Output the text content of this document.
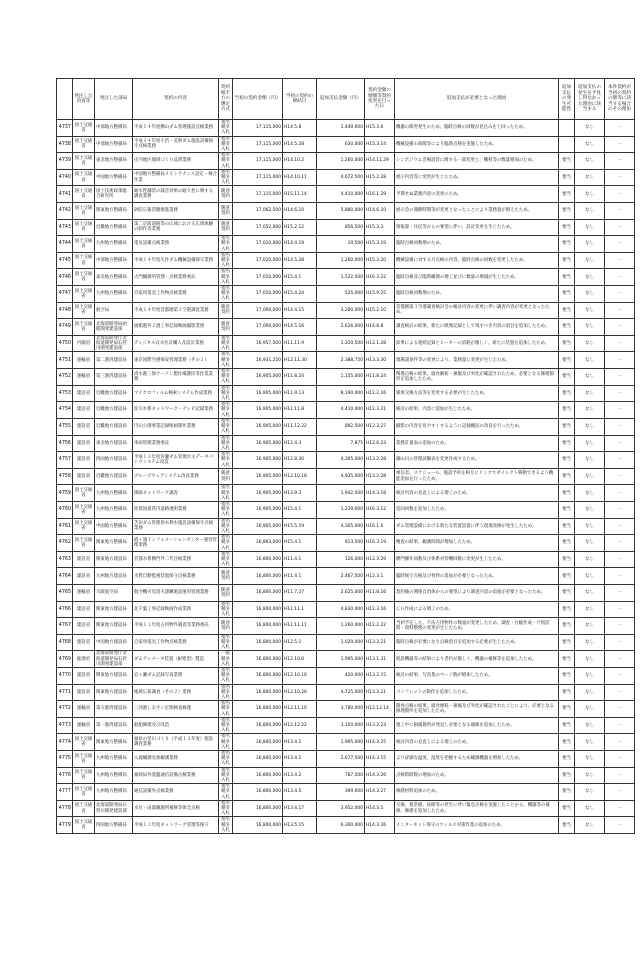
	発注した府省等	発注した部局	契約の内容	契約相手方の選定方式	当初の契約金額（円）	当初の契約の締結日	追加支払金額（円）	契約金額の増額等契約変更を行った日	追加支払が必要となった理由	追加支払の発生可能性	追加支払の発生を予見し得なかった理由に該当する	本件契約が当初の契約の額等に該当する場合のその理由
4737	国土交通省	中部地方整備局	平成１４年度横山ダム管理施設点検業務	指名競争入札	17,115,000	H14.5.8	1,449,000	H15.3.6	機器の障害発生のため、臨時点検の回数が見込みを上回ったため。		なし	－
4738	国土交通省	中部地方整備局	平成１４年度小渋・美和ダム施設設備保守点検業務	指名競争入札	17,115,000	H14.5.28	630,000	H15.3.14	機械設備の故障等により臨時点検を実施したため。		なし	－
4739	国土交通省	東北地方整備局	庄内地区地域づくり品質業務	指名競争入札	17,115,000	H14.10.2	1,260,000	H14.11.29	シンポジウム会場設営に関する一部変更と、機材等の数量増加のため。	要当	なし	－
4740	国土交通省	中国地方整備局	中国地方整備局メインテナンス設定・検合作業	指名競争入札	17,115,000	H14.10.11	4,672,500	H15.2.28	展示内容等に変更が生じたため。	要当	なし	－
4741	国土交通省	国土技術政策総合研究所	耐水性舗装の減音効果の耐久性に関する調査業務	随意契約	17,115,000	H15.11.14	4,410,000	H16.1.29	予期せぬ業務内容の変更のため。	要当	なし	－
4742	国土交通省	関東地方整備局	砂防広報活動推進業務	随意契約	17,062,500	H14.6.10	5,880,000	H14.6.10	展示会の開催時期等が変更となったことにより業務量が増えたため。	要当	なし	－
4743	国土交通省	近畿地方整備局	第二京阪道路等の広域における広域体験の制作等業務	随意契約	17,052,000	H15.2.12	856,500	H15.3.3	情報量・住民等からの要望に伴い、設計変更を生じたため。	要当	なし	－
4744	国土交通省	九州地方整備局	電気設備点検業務	指名競争入札	17,010,000	H14.4.19	10,500	H15.3.19	臨時点検回数増のため。	要当	なし	－
4745	国土交通省	中部地方整備局	平成１４年度矢作ダム機械設備保守業務	指名競争入札	17,010,000	H14.5.28	1,260,000	H15.3.20	機械設備に対する月点検の内容、臨時点検の回数を変更したため。	要当	なし	－
4746	国土交通省	東北地方整備局	大門観測所管理・点検業務委託	指名競争入札	17,010,000	H15.4.1	1,522,500	H16.3.22	臨時点検及び臨時観測の増工並びに数量の増減が生じたため。	要当	なし	－
4747	国土交通省	九州地方整備局	自家用電気工作物点検業務	指名競争入札	17,010,000	H15.4.24	525,000	H15.9.25	臨時点検回数増のため。	要当	なし	－
4748	国土交通省	航空局	平成１４年度首都圏第３空港調査業務	随意契約	17,000,000	H14.4.15	3,200,000	H15.2.10	首都圏第３空港調査検討会の検討内容の変更に伴い調査内容が変更となったため。	要当	なし	－
4749	国土交通省	北海道開発局函館開発建設部	函館港外２港工事記録映画撮影業務	随意契約	17,000,000	H14.5.16	2,616,000	H14.8.8	調査検討の結果、新たに映像記録として残すべき内容の項目を追加したため。	要当	なし	－
4750	内閣府	北海道開発庁北海道開発局石狩川開発建設部	ディジタル式水位計購入及設計業務	指名競争入札	16,957,500	H11.11.9	1,310,500	H12.1.28	結果による連続記録とヒーターの消耗が激しく、新たに装置を追加したため。	要当	なし	－
4751	運輸省	第二港湾建設局	東京国際空港保安管理業務（その２）	指名競争入札	16,931,250	H12.11.30	2,388,750	H13.3.30	現場諸条件等の変更により、業務量に変更が生じたため。	要当	なし	－
4752	運輸省	第三港湾建設局	清水港三保ケーソン製作場護岸等作業業務	指名競争入札	16,905,000	H11.8.24	1,155,000	H11.8.24	関係点検の結果、腐食解析・損傷及び劣化が確認されたため、必要となる修理箇所を追加したため。	要当	なし	－
4753	建設省	近畿地方建設局	マイクロフィルム検索システム作成業務	指名競争入札	16,905,000	H11.9.13	8,190,000	H12.2.16	媒体交換方法等を変更する必要が生じたため。	要当	なし	－
4754	建設省	近畿地方建設局	淀川水系ネットワーク・テレビ記録業務	指名競争入札	16,905,000	H11.11.8	4,410,000	H12.3.21	検討の結果、内容に追加が生じたため。	要当	なし	－
4755	建設省	近畿地方建設局	円山公園事業記録映画制作業務	指名競争入札	16,905,000	H11.12.22	892,500	H12.3.27	撮影の内容を見やすくするように記録概況の改良を行ったため。	要当	なし	－
4756	建設省	東北地方建設局	車両管理業務委託	指名競争入札	16,905,000	H12.4.3	7,875	H12.6.23	業務計量表の追加のため。	要当	なし	－
4757	建設省	四国地方建設局	平成１２年度宮瀬ダム管理水文データバンクシステム改造	指名競争入札	16,905,000	H12.8.30	4,305,000	H13.2.28	銅山川の管理試験表を変更作成するため。	要当	なし	－
4758	建設省	近畿地方建設局	グループウェアシステム改良業務	随意契約	16,905,000	H12.10.18	4,935,000	H13.2.28	複信者、スケジュール、施設予約を相互にリンクでダイレクト移動できるよう機能追加を行ったため。	要当	なし	－
4759	国土交通省	九州地方整備局	街路ネットワーク調査	指名競争入札	16,905,000	H13.9.3	1,942,500	H14.3.18	検討内容の見直しによる増工のため。	要当	なし	－
4760	国土交通省	九州地方整備局	佐賀国道管内道路透明業務	指名競争入札	16,905,000	H15.4.1	1,239,000	H16.3.12	巡回回数を追加したため。	要当	なし	－
4761	国土交通省	中国地方整備局	苫田ダム管理用水利水施設設備保守点検業務	指名競争入札	16,905,000	H15.5.19	4,305,000	H16.1.6	ダム管理設備における新たな装置設置に伴う現地改修が発生したため。	要当	なし	－
4762	国土交通省	関東地方整備局	霞ヶ浦インフォメーションセンター運営管理業務	指名競争入札	16,863,000	H15.4.1	913,500	H16.3.19	精査の結果、観測時間が増加したため。	要当	なし	－
4763	建設省	関東地方建設局	首都水系横門外二代目検業務	指名競争入札	16,800,000	H11.4.1	126,000	H12.3.29	横門操作回数及び休系対待機回数に変更が生じたため。	要当	なし	－
4764	建設省	九州地方建設局	水質自動監視装置保守点検業務	随意契約	16,800,000	H11.4.1	2,467,500	H12.3.1	臨時保守点検及び材料の追加が必要となったため。	要当	なし	－
4765	運輸省	大阪航空局	航空機火災消火訓練施設運用管理業務	随意契約	16,800,000	H11.7.27	2,625,000	H11.8.16	契約後の関係自治体からの要望により調査内容の追加が必要となったため。	要当	なし	－
4766	建設省	関東地方建設局	北千葉工事記録映画作成業務	指名競争入札	16,800,000	H11.11.1	4,830,000	H12.3.16	ＣＧ作成による増工のため。	要当	なし	－
4767	建設省	関東地方建設局	平成１１年度占用物件調査等業務委託	随意契約	16,800,000	H11.11.11	1,260,000	H12.2.22	当初予定した、不法占用物件の数量が変更したため、調査・台帳作成・戸別訪問・資料整理の変更が生じたため。	要当	なし	－
4768	建設省	中国地方建設局	自家用電気工作物点検業務	指名競争入札	16,800,000	H12.5.1	1,029,000	H13.3.21	臨時点検が必要になり点検項目を追加する必要が生じたため。	要当	なし	－
4769	総理府	北海道開発庁北海道開発局石狩川開発建設部	ダムテレメータ装置（耐寒型）製造	一般競争入札	16,800,000	H12.10.6	1,995,000	H13.1.31	既設機器等の結果により老朽が激しく、機器の補修等を追加したため。	要当	なし	－
4770	建設省	関東地方建設局	官ヶ瀬ダム記録写真業務	指名競争入札	16,800,000	H12.10.16	420,000	H13.2.15	検討の結果、写真集のページ数が増加したため。	要当	なし	－
4771	建設省	関東地方建設局	地域広報調査（その２）業務	指名競争入札	16,800,000	H12.10.26	4,725,000	H13.3.21	パンフレットの制作を追加したため。	要当	なし	－
4772	運輸省	第五港湾建設局	三河港しおさい定期検査修理	指名競争入札	16,800,000	H12.11.10	3,780,000	H12.12.14	開放点検の結果、腐食摩耗・損傷及び劣化が確認されたことにより、必要となる修理箇所を追加したため。	要当	なし	－
4773	運輸省	第一港湾建設局	船舶修理及び改造	指名競争入札	16,800,000	H12.12.22	3,150,000	H13.2.23	施工中に損傷箇所が発見し必要となる補修を追加したため。	要当	なし	－
4774	国土交通省	関東地方整備局	福祉の里川づくり（平成１３年度）施設調査業務	指名競争入札	16,800,000	H13.4.2	1,995,000	H14.3.25	検討内容の見直しによる増工のため。	要当	なし	－
4775	国土交通省	九州地方整備局	入鹿観測気象観測業務	指名競争入札	16,800,000	H13.4.2	2,677,500	H14.3.15	より詳細な温度、湿度を把握するため観測機器を増加したため。	要当	なし	－
4776	国土交通省	九州地方整備局	福岡局外基盤通信設備点検業務	指名競争入札	16,800,000	H13.4.2	787,500	H14.3.26	点検時間数の増加のため。	要当	なし	－
4777	国土交通省	九州地方整備局	通信設備外点検業務	指名競争入札	16,800,000	H13.4.5	399,000	H14.3.27	修繕材料追加のため。	要当	なし	－
4778	国土交通省	北海道開発局石狩川開発建設部	水位・雨量観測所補修等保全点検	指名競争入札	16,800,000	H13.4.17	3,952,000	H14.3.5	交換、異常値、故障等の発生に伴い緊急点検を実施したことから、機器等の補修、修繕を追加したため。	要当	なし	－
4779	国土交通省	四国地方整備局	平成１３年度ネットワーク管理等保守	指名競争入札	16,800,000	H13.5.15	6,300,000	H14.3.26	インターネット保守のウィルス対策作業の追加のため。	要当	なし	－
